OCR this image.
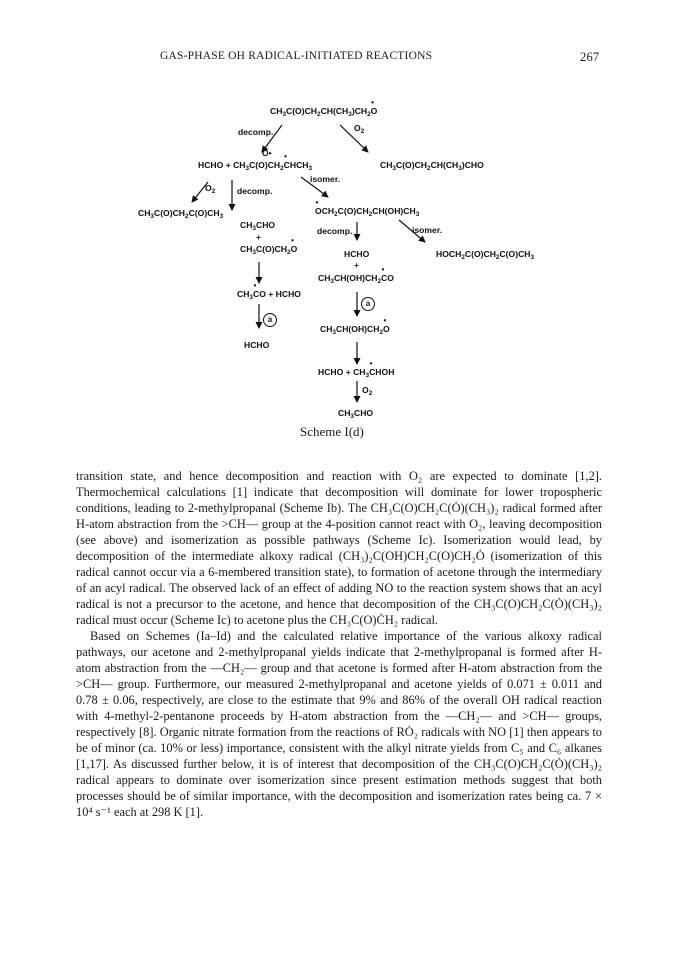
GAS-PHASE OH RADICAL-INITIATED REACTIONS	267
$CH_3C(O)CH_2CH(CH_3)CH_2•$ O
decomp.	$O_2$
O•
HCHO + $CH_3C(O)CH_2•$ $CHCH_3$	$CH_3C(O)CH_2CH(CH_3)CHO$
isomer.
$O_2$	decomp.
$CH_3C(O)CH_2C(O)CH_3$
• $OCH_2C(O)CH_2CH(OH)CH_3$
$CH_3CHO$
decomp.	isomer.
+
$CH_3C(O)CH_2•$ O	HCHO	$HOCH_2C(O)CH_2C(O)CH_3$
+
$CH_3CH(OH)CH_2•$ CO
$CH_3•$ CO + HCHO
a
a
$CH_3CH(OH)CH_2•$ O
HCHO
HCHO + $CH_3•$ CHOH
$O_2$
$CH_3CHO$
Scheme I(d)

transition state, and hence decomposition and reaction with O₂ are expected to dominate [1,2]. Thermochemical calculations [1] indicate that decomposition will dominate for lower tropospheric conditions, leading to 2-methylpropanal (Scheme Ib). The CH₃C(O)CH₂C(Ȯ)(CH₃)₂ radical formed after H-atom abstraction from the >CH— group at the 4-position cannot react with O₂, leaving decomposition (see above) and isomerization as possible pathways (Scheme Ic). Isomerization would lead, by decomposition of the intermediate alkoxy radical (CH₃)₂C(OH)CH₂C(O)CH₂Ȯ (isomerization of this radical cannot occur via a 6-membered transition state), to formation of acetone through the intermediary of an acyl radical. The observed lack of an effect of adding NO to the reaction system shows that an acyl radical is not a precursor to the acetone, and hence that decomposition of the CH₃C(O)CH₂C(Ȯ)(CH₃)₂ radical must occur (Scheme Ic) to acetone plus the CH₃C(O)ĊH₂ radical.

Based on Schemes (Ia–Id) and the calculated relative importance of the various alkoxy radical pathways, our acetone and 2-methylpropanal yields indicate that 2-methylpropanal is formed after H-atom abstraction from the —CH₂— group and that acetone is formed after H-atom abstraction from the >CH— group. Furthermore, our measured 2-methylpropanal and acetone yields of 0.071 ± 0.011 and 0.78 ± 0.06, respectively, are close to the estimate that 9% and 86% of the overall OH radical reaction with 4-methyl-2-pentanone proceeds by H-atom abstraction from the —CH₂— and >CH— groups, respectively [8]. Organic nitrate formation from the reactions of RȮ₂ radicals with NO [1] then appears to be of minor (ca. 10% or less) importance, consistent with the alkyl nitrate yields from C₅ and C₆ alkanes [1,17]. As discussed further below, it is of interest that decomposition of the CH₃C(O)CH₂C(Ȯ)(CH₃)₂ radical appears to dominate over isomerization since present estimation methods suggest that both processes should be of similar importance, with the decomposition and isomerization rates being ca. 7 × 10⁴ s⁻¹ each at 298 K [1].
